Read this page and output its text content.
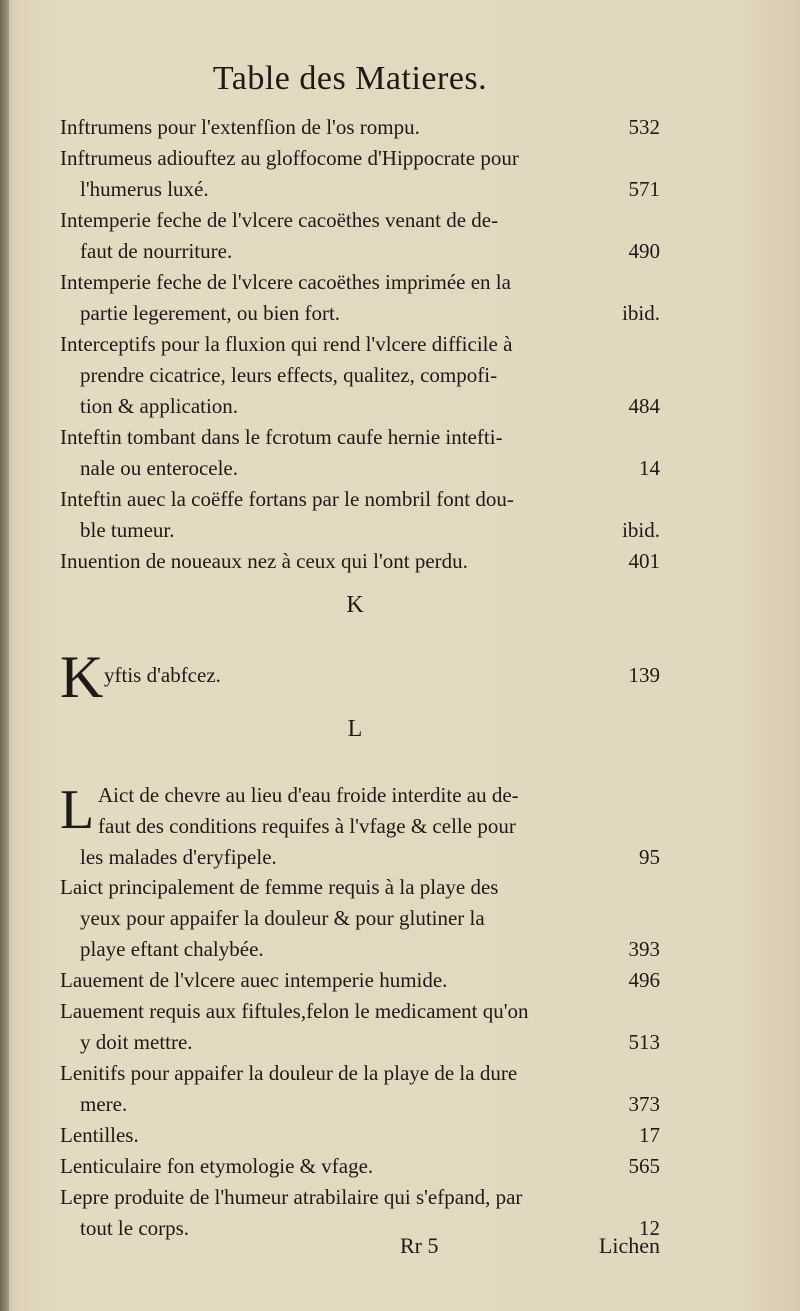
Table des Matieres.
Inftrumens pour l'extenfſion de l'os rompu.	532
Inftrumeus adiouftez au gloffocome d'Hippocrate pour
l'humerus luxé.	571
Intemperie feche de l'vlcere cacoëthes venant de de-
faut de nourriture.	490
Intemperie feche de l'vlcere cacoëthes imprimée en la
partie legerement, ou bien fort.	ibid.
Interceptifs pour la fluxion qui rend l'vlcere difficile à
prendre cicatrice, leurs effects, qualitez, compofi-
tion & application.	484
Inteftin tombant dans le fcrotum caufe hernie intefti-
nale ou enterocele.	14
Inteftin auec la coëffe fortans par le nombril font dou-
ble tumeur.	ibid.
Inuention de noueaux nez à ceux qui l'ont perdu.	401
K
K yftis d'abfcez.	139
L
L Aict de chevre au lieu d'eau froide interdite au de-
faut des conditions requifes à l'vfage & celle pour
les malades d'eryfipele.	95
Laict principalement de femme requis à la playe des
yeux pour appaifer la douleur & pour glutiner la
playe eftant chalybée.	393
Lauement de l'vlcere auec intemperie humide.	496
Lauement requis aux fiftules,felon le medicament qu'on
y doit mettre.	513
Lenitifs pour appaifer la douleur de la playe de la dure
mere.	373
Lentilles.	17
Lenticulaire fon etymologie & vfage.	565
Lepre produite de l'humeur atrabilaire qui s'efpand, par
tout le corps.	12
Rr 5	Lichen
